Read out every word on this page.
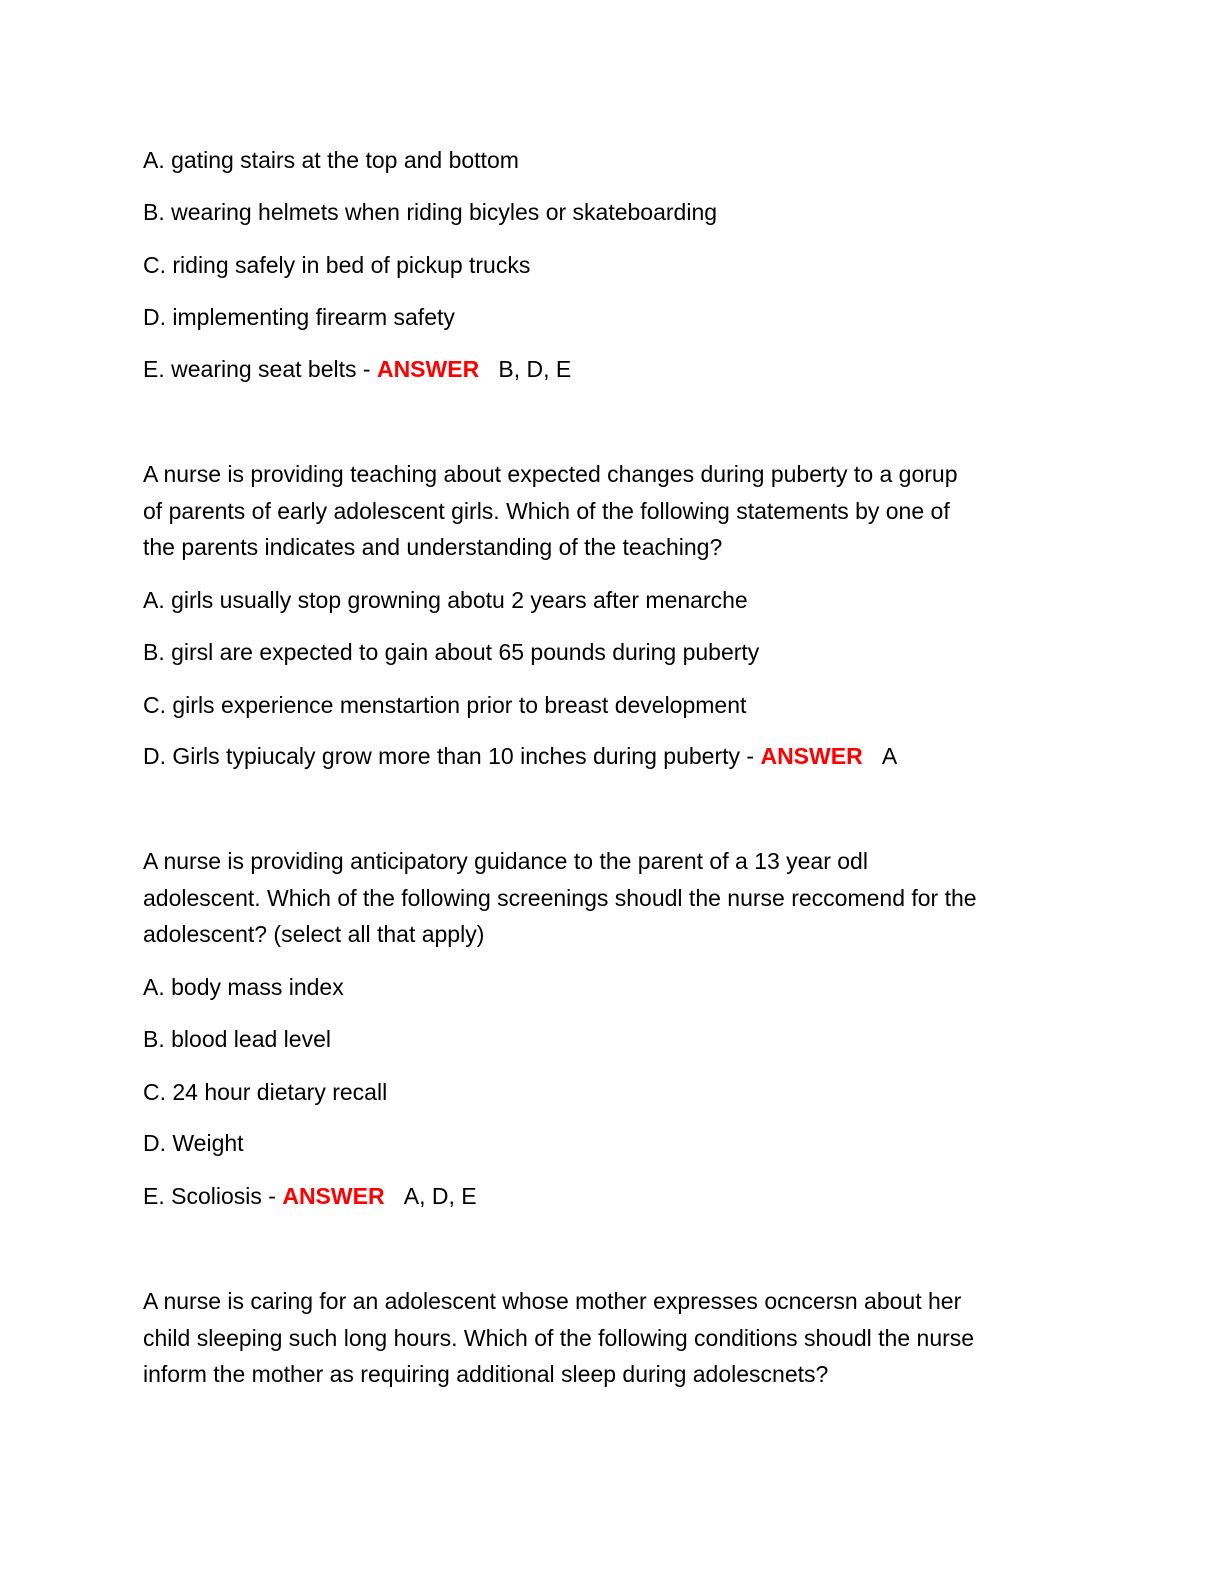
A. gating stairs at the top and bottom
B. wearing helmets when riding bicyles or skateboarding
C. riding safely in bed of pickup trucks
D. implementing firearm safety
E. wearing seat belts - ANSWER B, D, E
A nurse is providing teaching about expected changes during puberty to a gorup
of parents of early adolescent girls. Which of the following statements by one of
the parents indicates and understanding of the teaching?
A. girls usually stop growning abotu 2 years after menarche
B. girsl are expected to gain about 65 pounds during puberty
C. girls experience menstartion prior to breast development
D. Girls typiucaly grow more than 10 inches during puberty - ANSWER A
A nurse is providing anticipatory guidance to the parent of a 13 year odl
adolescent. Which of the following screenings shoudl the nurse reccomend for the
adolescent? (select all that apply)
A. body mass index
B. blood lead level
C. 24 hour dietary recall
D. Weight
E. Scoliosis - ANSWER A, D, E
A nurse is caring for an adolescent whose mother expresses ocncersn about her
child sleeping such long hours. Which of the following conditions shoudl the nurse
inform the mother as requiring additional sleep during adolescnets?
